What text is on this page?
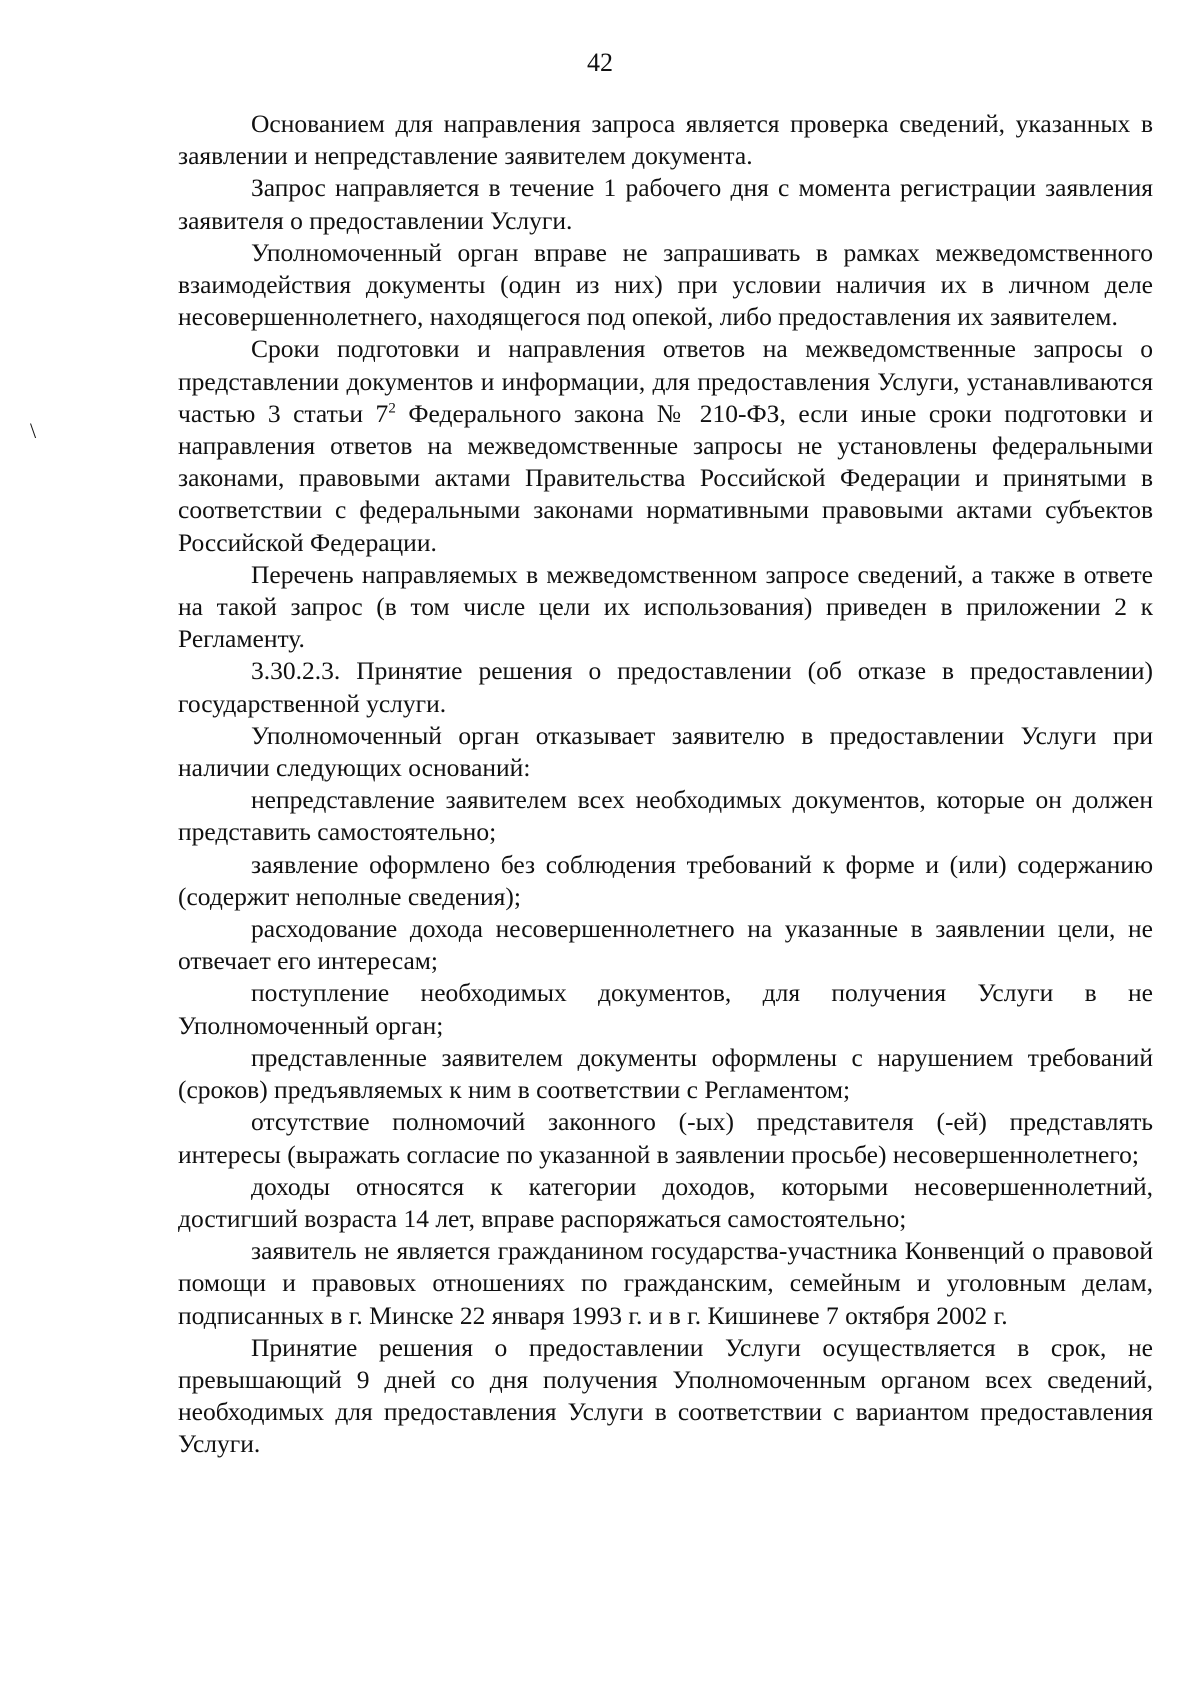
42
\

Основанием для направления запроса является проверка сведений, указанных в заявлении и непредставление заявителем документа.

Запрос направляется в течение 1 рабочего дня с момента регистрации заявления заявителя о предоставлении Услуги.

Уполномоченный орган вправе не запрашивать в рамках межведомственного взаимодействия документы (один из них) при условии наличия их в личном деле несовершеннолетнего, находящегося под опекой, либо предоставления их заявителем.

Сроки подготовки и направления ответов на межведомственные запросы о представлении документов и информации, для предоставления Услуги, устанавливаются частью 3 статьи $7^2$ Федерального закона № 210-ФЗ, если иные сроки подготовки и направления ответов на межведомственные запросы не установлены федеральными законами, правовыми актами Правительства Российской Федерации и принятыми в соответствии с федеральными законами нормативными правовыми актами субъектов Российской Федерации.

Перечень направляемых в межведомственном запросе сведений, а также в ответе на такой запрос (в том числе цели их использования) приведен в приложении 2 к Регламенту.

3.30.2.3. Принятие решения о предоставлении (об отказе в предоставлении) государственной услуги.

Уполномоченный орган отказывает заявителю в предоставлении Услуги при наличии следующих оснований:

непредставление заявителем всех необходимых документов, которые он должен представить самостоятельно;

заявление оформлено без соблюдения требований к форме и (или) содержанию (содержит неполные сведения);

расходование дохода несовершеннолетнего на указанные в заявлении цели, не отвечает его интересам;

поступление необходимых документов, для получения Услуги в не Уполномоченный орган;

представленные заявителем документы оформлены с нарушением требований (сроков) предъявляемых к ним в соответствии с Регламентом;

отсутствие полномочий законного (-ых) представителя (-ей) представлять интересы (выражать согласие по указанной в заявлении просьбе) несовершеннолетнего;

доходы относятся к категории доходов, которыми несовершеннолетний, достигший возраста 14 лет, вправе распоряжаться самостоятельно;

заявитель не является гражданином государства-участника Конвенций о правовой помощи и правовых отношениях по гражданским, семейным и уголовным делам, подписанных в г. Минске 22 января 1993 г. и в г. Кишиневе 7 октября 2002 г.

Принятие решения о предоставлении Услуги осуществляется в срок, не превышающий 9 дней со дня получения Уполномоченным органом всех сведений, необходимых для предоставления Услуги в соответствии с вариантом предоставления Услуги.
